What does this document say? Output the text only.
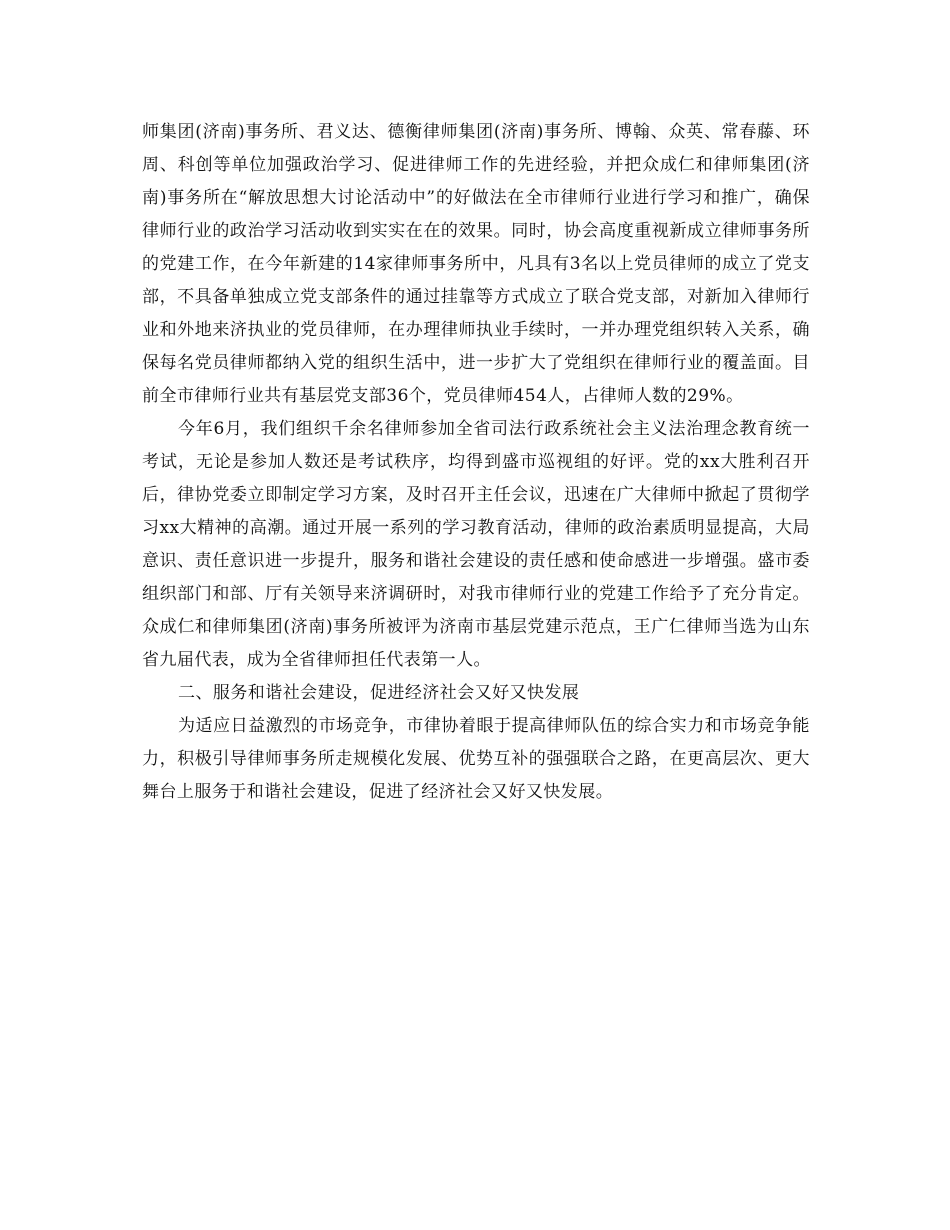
师集团(济南)事务所、君义达、德衡律师集团(济南)事务所、博翰、众英、常春藤、环周、科创等单位加强政治学习、促进律师工作的先进经验，并把众成仁和律师集团(济南)事务所在“解放思想大讨论活动中”的好做法在全市律师行业进行学习和推广，确保律师行业的政治学习活动收到实实在在的效果。同时，协会高度重视新成立律师事务所的党建工作，在今年新建的14家律师事务所中，凡具有3名以上党员律师的成立了党支部，不具备单独成立党支部条件的通过挂靠等方式成立了联合党支部，对新加入律师行业和外地来济执业的党员律师，在办理律师执业手续时，一并办理党组织转入关系，确保每名党员律师都纳入党的组织生活中，进一步扩大了党组织在律师行业的覆盖面。目前全市律师行业共有基层党支部36个，党员律师454人，占律师人数的29%。

今年6月，我们组织千余名律师参加全省司法行政系统社会主义法治理念教育统一考试，无论是参加人数还是考试秩序，均得到盛市巡视组的好评。党的xx大胜利召开后，律协党委立即制定学习方案，及时召开主任会议，迅速在广大律师中掀起了贯彻学习xx大精神的高潮。通过开展一系列的学习教育活动，律师的政治素质明显提高，大局意识、责任意识进一步提升，服务和谐社会建设的责任感和使命感进一步增强。盛市委组织部门和部、厅有关领导来济调研时，对我市律师行业的党建工作给予了充分肯定。众成仁和律师集团(济南)事务所被评为济南市基层党建示范点，王广仁律师当选为山东省九届代表，成为全省律师担任代表第一人。

二、服务和谐社会建设，促进经济社会又好又快发展

为适应日益激烈的市场竞争，市律协着眼于提高律师队伍的综合实力和市场竞争能力，积极引导律师事务所走规模化发展、优势互补的强强联合之路，在更高层次、更大舞台上服务于和谐社会建设，促进了经济社会又好又快发展。
